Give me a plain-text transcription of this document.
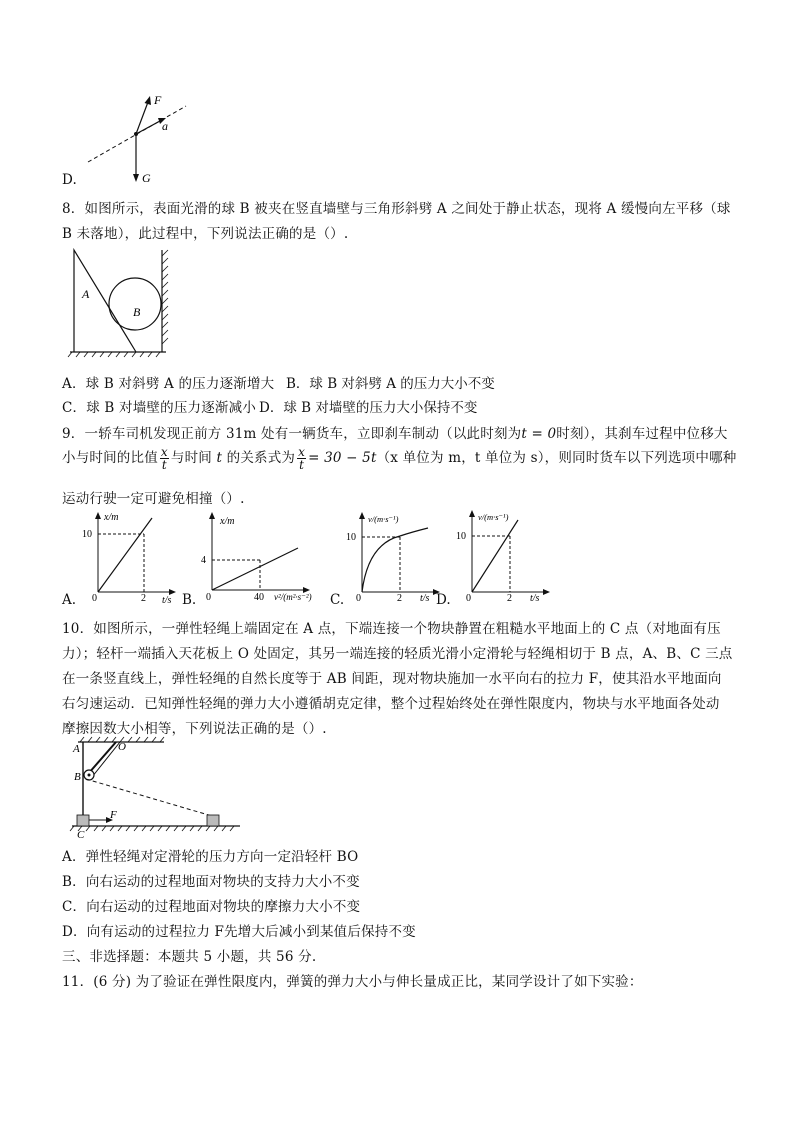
F
a
G
D.
8．如图所示，表面光滑的球 B 被夹在竖直墙壁与三角形斜劈 A 之间处于静止状态，现将 A 缓慢向左平移（球
B 未落地），此过程中，下列说法正确的是（）.
A
B
A．球 B 对斜劈 A 的压力逐渐增大 B．球 B 对斜劈 A 的压力大小不变
C．球 B 对墙壁的压力逐渐减小 D．球 B 对墙壁的压力大小保持不变
9．一轿车司机发现正前方 31m 处有一辆货车，立即刹车制动（以此时刻为t = 0时刻），其刹车过程中位移大
小与时间的比值 $\frac{x}{t}$ 与时间 t 的关系式为 $\frac{x}{t} = 30 - 5t(x$ 单位为 m，t 单位为 s），则同时货车以下列选项中哪种
运动行驶一定可避免相撞（）.
x/m
10
0	2 t/s
A.
x/m
4
0	40 v²/(m²·s⁻²)
B.
v/(m·s⁻¹)
10
0	2 t/s
C.
v/(m·s⁻¹)
10
0	2 t/s
D.
10．如图所示，一弹性轻绳上端固定在 A 点，下端连接一个物块静置在粗糙水平地面上的 C 点（对地面有压
力）；轻杆一端插入天花板上 O 处固定，其另一端连接的轻质光滑小定滑轮与轻绳相切于 B 点，A、B、C 三点
在一条竖直线上，弹性轻绳的自然长度等于 AB 间距，现对物块施加一水平向右的拉力 F，使其沿水平地面向
右匀速运动．已知弹性轻绳的弹力大小遵循胡克定律，整个过程始终处在弹性限度内，物块与水平地面各处动
摩擦因数大小相等，下列说法正确的是（）.
A	O
B
C
F
A．弹性轻绳对定滑轮的压力方向一定沿轻杆 BO
B．向右运动的过程地面对物块的支持力大小不变
C．向右运动的过程地面对物块的摩擦力大小不变
D．向有运动的过程拉力 F先增大后减小到某值后保持不变
三、非选择题：本题共 5 小题，共 56 分.
11．(6 分) 为了验证在弹性限度内，弹簧的弹力大小与伸长量成正比，某同学设计了如下实验：
